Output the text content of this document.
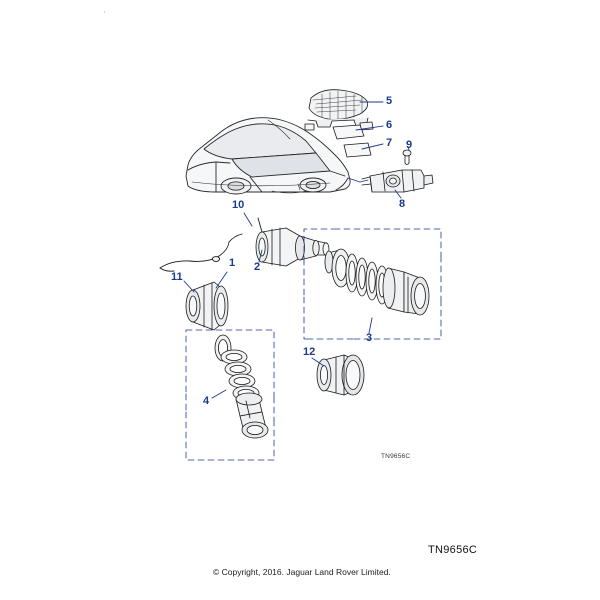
1 2
3
4
5
6
7
8
9
10
11
12
'
TN9656C
TN9656C
© Copyright, 2016. Jaguar Land Rover Limited.
